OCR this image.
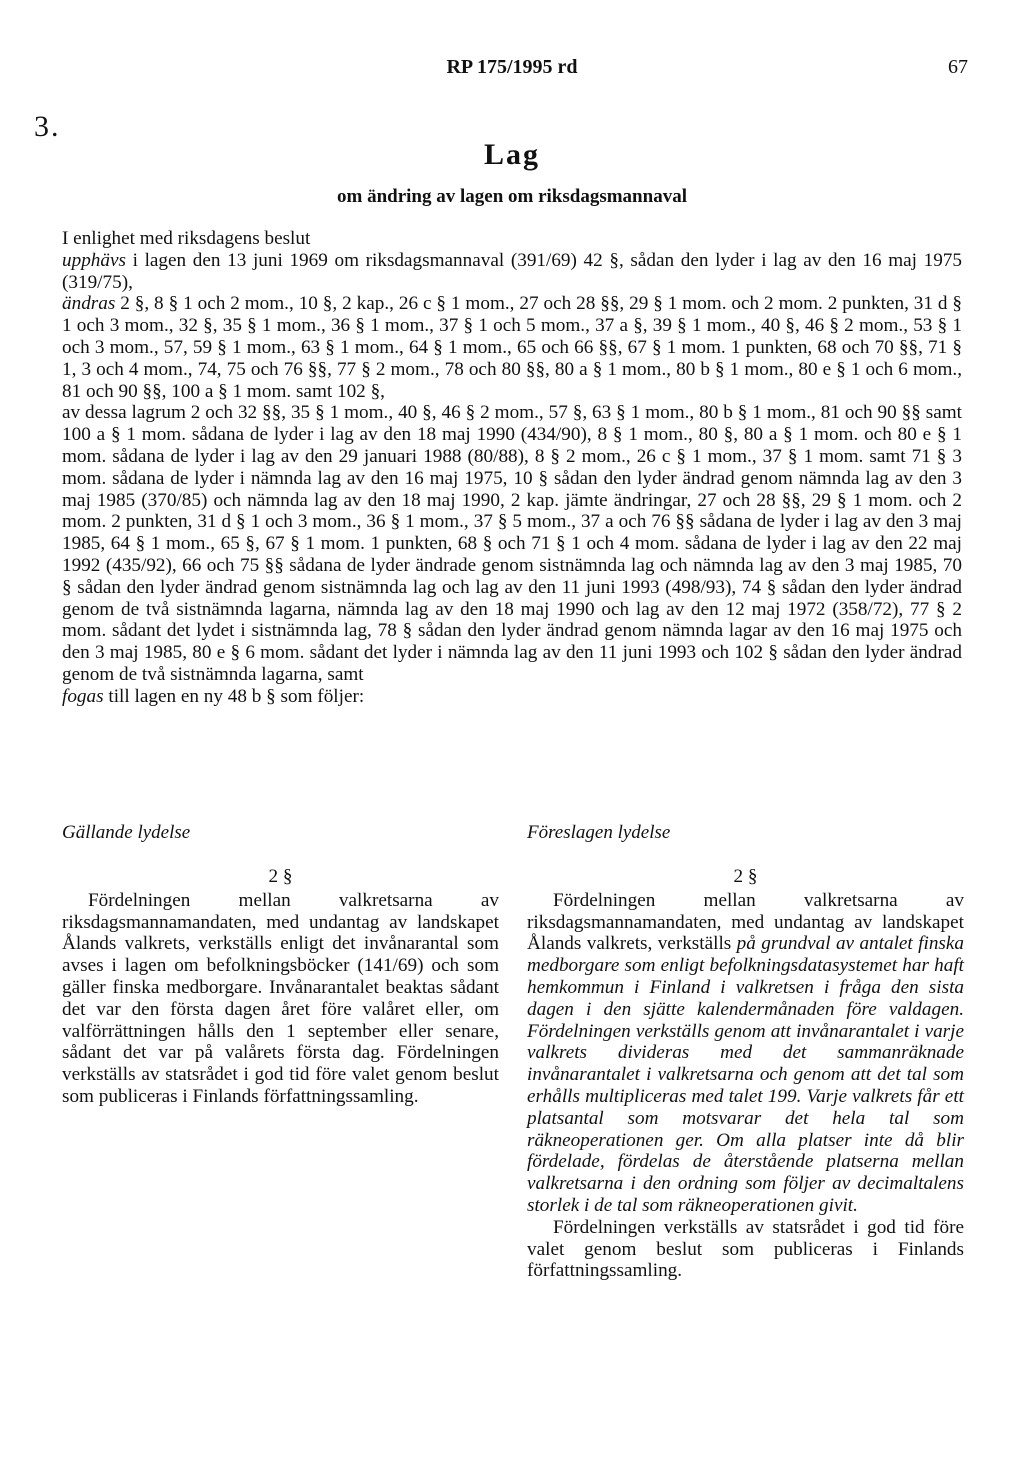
RP 175/1995 rd	67
3.
Lag
om ändring av lagen om riksdagsmannaval

I enlighet med riksdagens beslut

upphävs i lagen den 13 juni 1969 om riksdagsmannaval (391/69) 42 §, sådan den lyder i lag av den 16 maj 1975 (319/75),

ändras 2 §, 8 § 1 och 2 mom., 10 §, 2 kap., 26 c § 1 mom., 27 och 28 §§, 29 § 1 mom. och 2 mom. 2 punkten, 31 d § 1 och 3 mom., 32 §, 35 § 1 mom., 36 § 1 mom., 37 § 1 och 5 mom., 37 a §, 39 § 1 mom., 40 §, 46 § 2 mom., 53 § 1 och 3 mom., 57, 59 § 1 mom., 63 § 1 mom., 64 § 1 mom., 65 och 66 §§, 67 § 1 mom. 1 punkten, 68 och 70 §§, 71 § 1, 3 och 4 mom., 74, 75 och 76 §§, 77 § 2 mom., 78 och 80 §§, 80 a § 1 mom., 80 b § 1 mom., 80 e § 1 och 6 mom., 81 och 90 §§, 100 a § 1 mom. samt 102 §,

av dessa lagrum 2 och 32 §§, 35 § 1 mom., 40 §, 46 § 2 mom., 57 §, 63 § 1 mom., 80 b § 1 mom., 81 och 90 §§ samt 100 a § 1 mom. sådana de lyder i lag av den 18 maj 1990 (434/90), 8 § 1 mom., 80 §, 80 a § 1 mom. och 80 e § 1 mom. sådana de lyder i lag av den 29 januari 1988 (80/88), 8 § 2 mom., 26 c § 1 mom., 37 § 1 mom. samt 71 § 3 mom. sådana de lyder i nämnda lag av den 16 maj 1975, 10 § sådan den lyder ändrad genom nämnda lag av den 3 maj 1985 (370/85) och nämnda lag av den 18 maj 1990, 2 kap. jämte ändringar, 27 och 28 §§, 29 § 1 mom. och 2 mom. 2 punkten, 31 d § 1 och 3 mom., 36 § 1 mom., 37 § 5 mom., 37 a och 76 §§ sådana de lyder i lag av den 3 maj 1985, 64 § 1 mom., 65 §, 67 § 1 mom. 1 punkten, 68 § och 71 § 1 och 4 mom. sådana de lyder i lag av den 22 maj 1992 (435/92), 66 och 75 §§ sådana de lyder ändrade genom sistnämnda lag och nämnda lag av den 3 maj 1985, 70 § sådan den lyder ändrad genom sistnämnda lag och lag av den 11 juni 1993 (498/93), 74 § sådan den lyder ändrad genom de två sistnämnda lagarna, nämnda lag av den 18 maj 1990 och lag av den 12 maj 1972 (358/72), 77 § 2 mom. sådant det lydet i sistnämnda lag, 78 § sådan den lyder ändrad genom nämnda lagar av den 16 maj 1975 och den 3 maj 1985, 80 e § 6 mom. sådant det lyder i nämnda lag av den 11 juni 1993 och 102 § sådan den lyder ändrad genom de två sistnämnda lagarna, samt

fogas till lagen en ny 48 b § som följer:

Gällande lydelse	Föreslagen lydelse
2 §

Fördelningen mellan valkretsarna av riksdagsmannamandaten, med undantag av landskapet Ålands valkrets, verkställs enligt det invånarantal som avses i lagen om befolkningsböcker (141/69) och som gäller finska medborgare. Invånarantalet beaktas sådant det var den första dagen året före valåret eller, om valförrättningen hålls den 1 september eller senare, sådant det var på valårets första dag. Fördelningen verkställs av statsrådet i god tid före valet genom beslut som publiceras i Finlands författningssamling.

2 §

Fördelningen mellan valkretsarna av riksdagsmannamandaten, med undantag av landskapet Ålands valkrets, verkställs på grundval av antalet finska medborgare som enligt befolkningsdatasystemet har haft hemkommun i Finland i valkretsen i fråga den sista dagen i den sjätte kalendermånaden före valdagen. Fördelningen verkställs genom att invånarantalet i varje valkrets divideras med det sammanräknade invånarantalet i valkretsarna och genom att det tal som erhålls multipliceras med talet 199. Varje valkrets får ett platsantal som motsvarar det hela tal som räkneoperationen ger. Om alla platser inte då blir fördelade, fördelas de återstående platserna mellan valkretsarna i den ordning som följer av decimaltalens storlek i de tal som räkneoperationen givit.

Fördelningen verkställs av statsrådet i god tid före valet genom beslut som publiceras i Finlands författningssamling.
